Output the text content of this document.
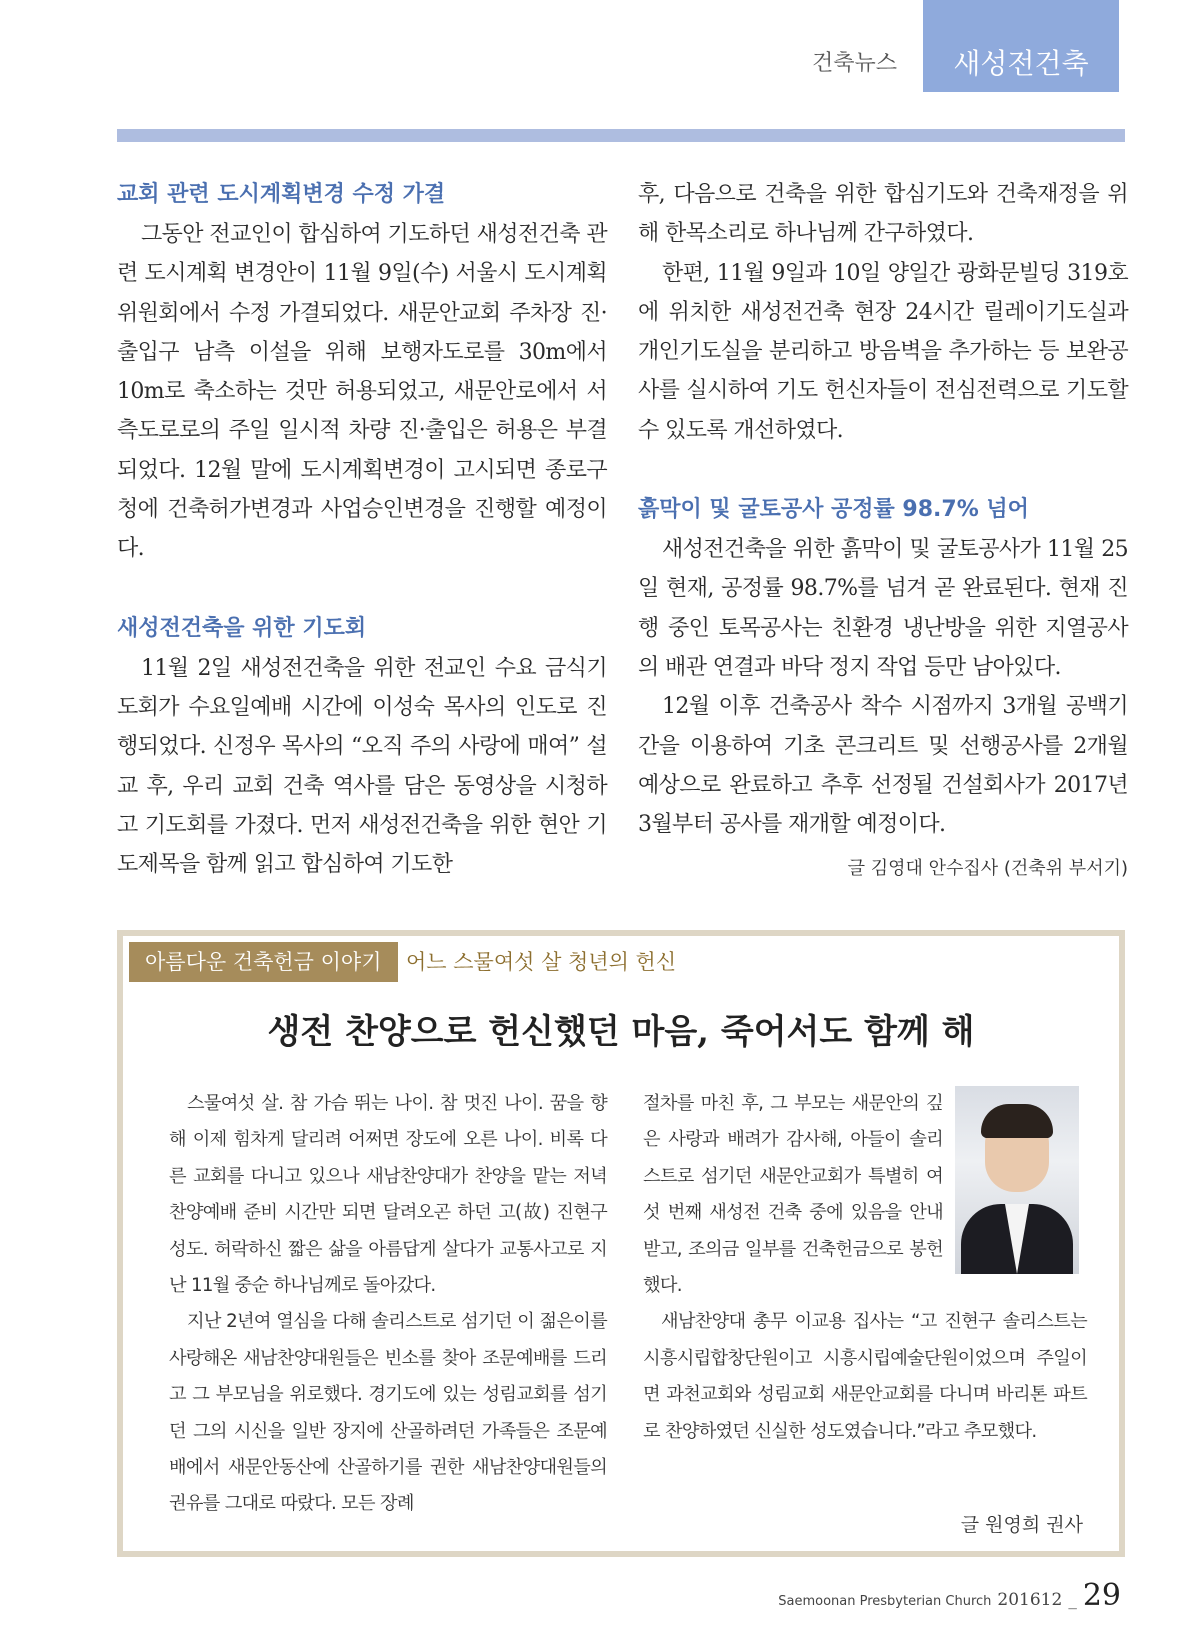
건축뉴스 새성전건축
교회 관련 도시계획변경 수정 가결

그동안 전교인이 합심하여 기도하던 새성전건축 관련 도시계획 변경안이 11월 9일(수) 서울시 도시계획위원회에서 수정 가결되었다. 새문안교회 주차장 진·출입구 남측 이설을 위해 보행자도로를 30m에서 10m로 축소하는 것만 허용되었고, 새문안로에서 서측도로로의 주일 일시적 차량 진·출입은 허용은 부결되었다. 12월 말에 도시계획변경이 고시되면 종로구청에 건축허가변경과 사업승인변경을 진행할 예정이다.

새성전건축을 위한 기도회

11월 2일 새성전건축을 위한 전교인 수요 금식기도회가 수요일예배 시간에 이성숙 목사의 인도로 진행되었다. 신정우 목사의 “오직 주의 사랑에 매여” 설교 후, 우리 교회 건축 역사를 담은 동영상을 시청하고 기도회를 가졌다. 먼저 새성전건축을 위한 현안 기도제목을 함께 읽고 합심하여 기도한

후, 다음으로 건축을 위한 합심기도와 건축재정을 위해 한목소리로 하나님께 간구하였다.

한편, 11월 9일과 10일 양일간 광화문빌딩 319호에 위치한 새성전건축 현장 24시간 릴레이기도실과 개인기도실을 분리하고 방음벽을 추가하는 등 보완공사를 실시하여 기도 헌신자들이 전심전력으로 기도할 수 있도록 개선하였다.

흙막이 및 굴토공사 공정률 98.7% 넘어

새성전건축을 위한 흙막이 및 굴토공사가 11월 25일 현재, 공정률 98.7%를 넘겨 곧 완료된다. 현재 진행 중인 토목공사는 친환경 냉난방을 위한 지열공사의 배관 연결과 바닥 정지 작업 등만 남아있다.

12월 이후 건축공사 착수 시점까지 3개월 공백기간을 이용하여 기초 콘크리트 및 선행공사를 2개월 예상으로 완료하고 추후 선정될 건설회사가 2017년 3월부터 공사를 재개할 예정이다.

글 김영대 안수집사 (건축위 부서기)
아름다운 건축헌금 이야기	어느 스물여섯 살 청년의 헌신
생전 찬양으로 헌신했던 마음, 죽어서도 함께 해

스물여섯 살. 참 가슴 뛰는 나이. 참 멋진 나이. 꿈을 향해 이제 힘차게 달리려 어쩌면 장도에 오른 나이. 비록 다른 교회를 다니고 있으나 새남찬양대가 찬양을 맡는 저녁찬양예배 준비 시간만 되면 달려오곤 하던 고(故) 진현구 성도. 허락하신 짧은 삶을 아름답게 살다가 교통사고로 지난 11월 중순 하나님께로 돌아갔다.

지난 2년여 열심을 다해 솔리스트로 섬기던 이 젊은이를 사랑해온 새남찬양대원들은 빈소를 찾아 조문예배를 드리고 그 부모님을 위로했다. 경기도에 있는 성림교회를 섬기던 그의 시신을 일반 장지에 산골하려던 가족들은 조문예배에서 새문안동산에 산골하기를 권한 새남찬양대원들의 권유를 그대로 따랐다. 모든 장례

절차를 마친 후, 그 부모는 새문안의 깊은 사랑과 배려가 감사해, 아들이 솔리스트로 섬기던 새문안교회가 특별히 여섯 번째 새성전 건축 중에 있음을 안내 받고, 조의금 일부를 건축헌금으로 봉헌 했다.

새남찬양대 총무 이교용 집사는 “고 진현구 솔리스트는 시흥시립합창단원이고 시흥시립예술단원이었으며 주일이면 과천교회와 성림교회 새문안교회를 다니며 바리톤 파트로 찬양하였던 신실한 성도였습니다.”라고 추모했다.

글 원영희 권사
Saemoonan Presbyterian Church 201612 _ 29
